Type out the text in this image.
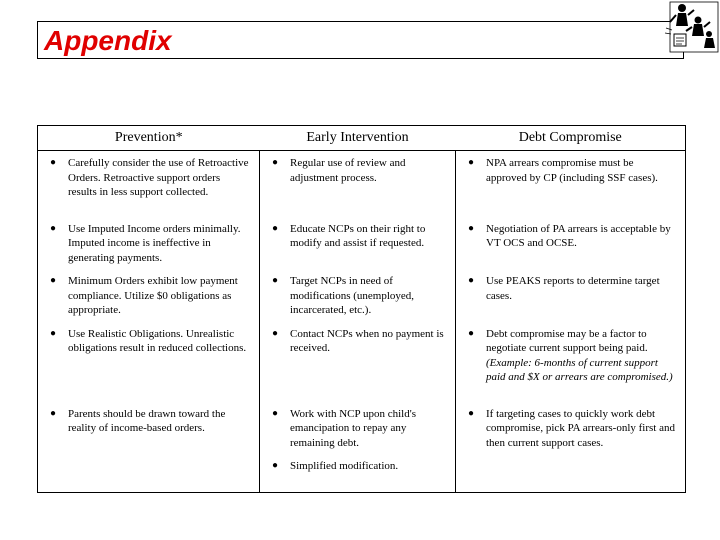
Appendix
Prevention*	Early Intervention	Debt Compromise

● Carefully consider the use of Retroactive Orders. Retroactive support orders results in less support collected.	● Regular use of review and adjustment process.	● NPA arrears compromise must be approved by CP (including SSF cases).

● Use Imputed Income orders minimally. Imputed income is ineffective in generating payments.	● Educate NCPs on their right to modify and assist if requested.	● Negotiation of PA arrears is acceptable by VT OCS and OCSE.

● Minimum Orders exhibit low payment compliance. Utilize $0 obligations as appropriate.	● Target NCPs in need of modifications (unemployed, incarcerated, etc.).	● Use PEAKS reports to determine target cases.

● Use Realistic Obligations. Unrealistic obligations result in reduced collections.	● Contact NCPs when no payment is received.	● Debt compromise may be a factor to negotiate current support being paid. (Example: 6-months of current support paid and $X or arrears are compromised.)

● Parents should be drawn toward the reality of income-based orders.	● Work with NCP upon child's emancipation to repay any remaining debt.	● If targeting cases to quickly work debt compromise, pick PA arrears-only first and then current support cases.

	● Simplified modification.	
